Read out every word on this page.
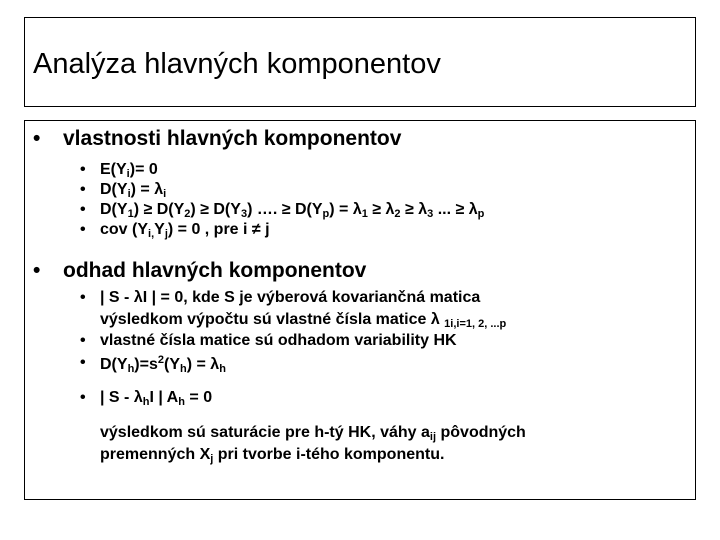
Analýza hlavných komponentov
• vlastnosti hlavných komponentov
• $E(Y_i)= 0$
• $D(Y_i) = \lambda_i$
• $D(Y_1) \ge D(Y_2) \ge D(Y_3)$ …. ≥ $D(Y_p) = \lambda_1 \ge \lambda_2 \ge \lambda_3$ ... ≥ $\lambda_p$
• cov $(Y_{i,}Y_j) = 0$ , pre i ≠ j
• odhad hlavných komponentov
• | S - λI | = 0, kde S je výberová kovariančná matica
výsledkom výpočtu sú vlastné čísla matice λ $_{1i,i=1, 2, ...p}$
• vlastné čísla matice sú odhadom variability HK
• $D(Y_h)=s^2(Y_h) = \lambda_h$
• | S - $\lambda_hI$ | $A_h = 0$
výsledkom sú saturácie pre h-tý HK, váhy $a_{ij}$ pôvodných
premenných $X_j$ pri tvorbe i-tého komponentu.
